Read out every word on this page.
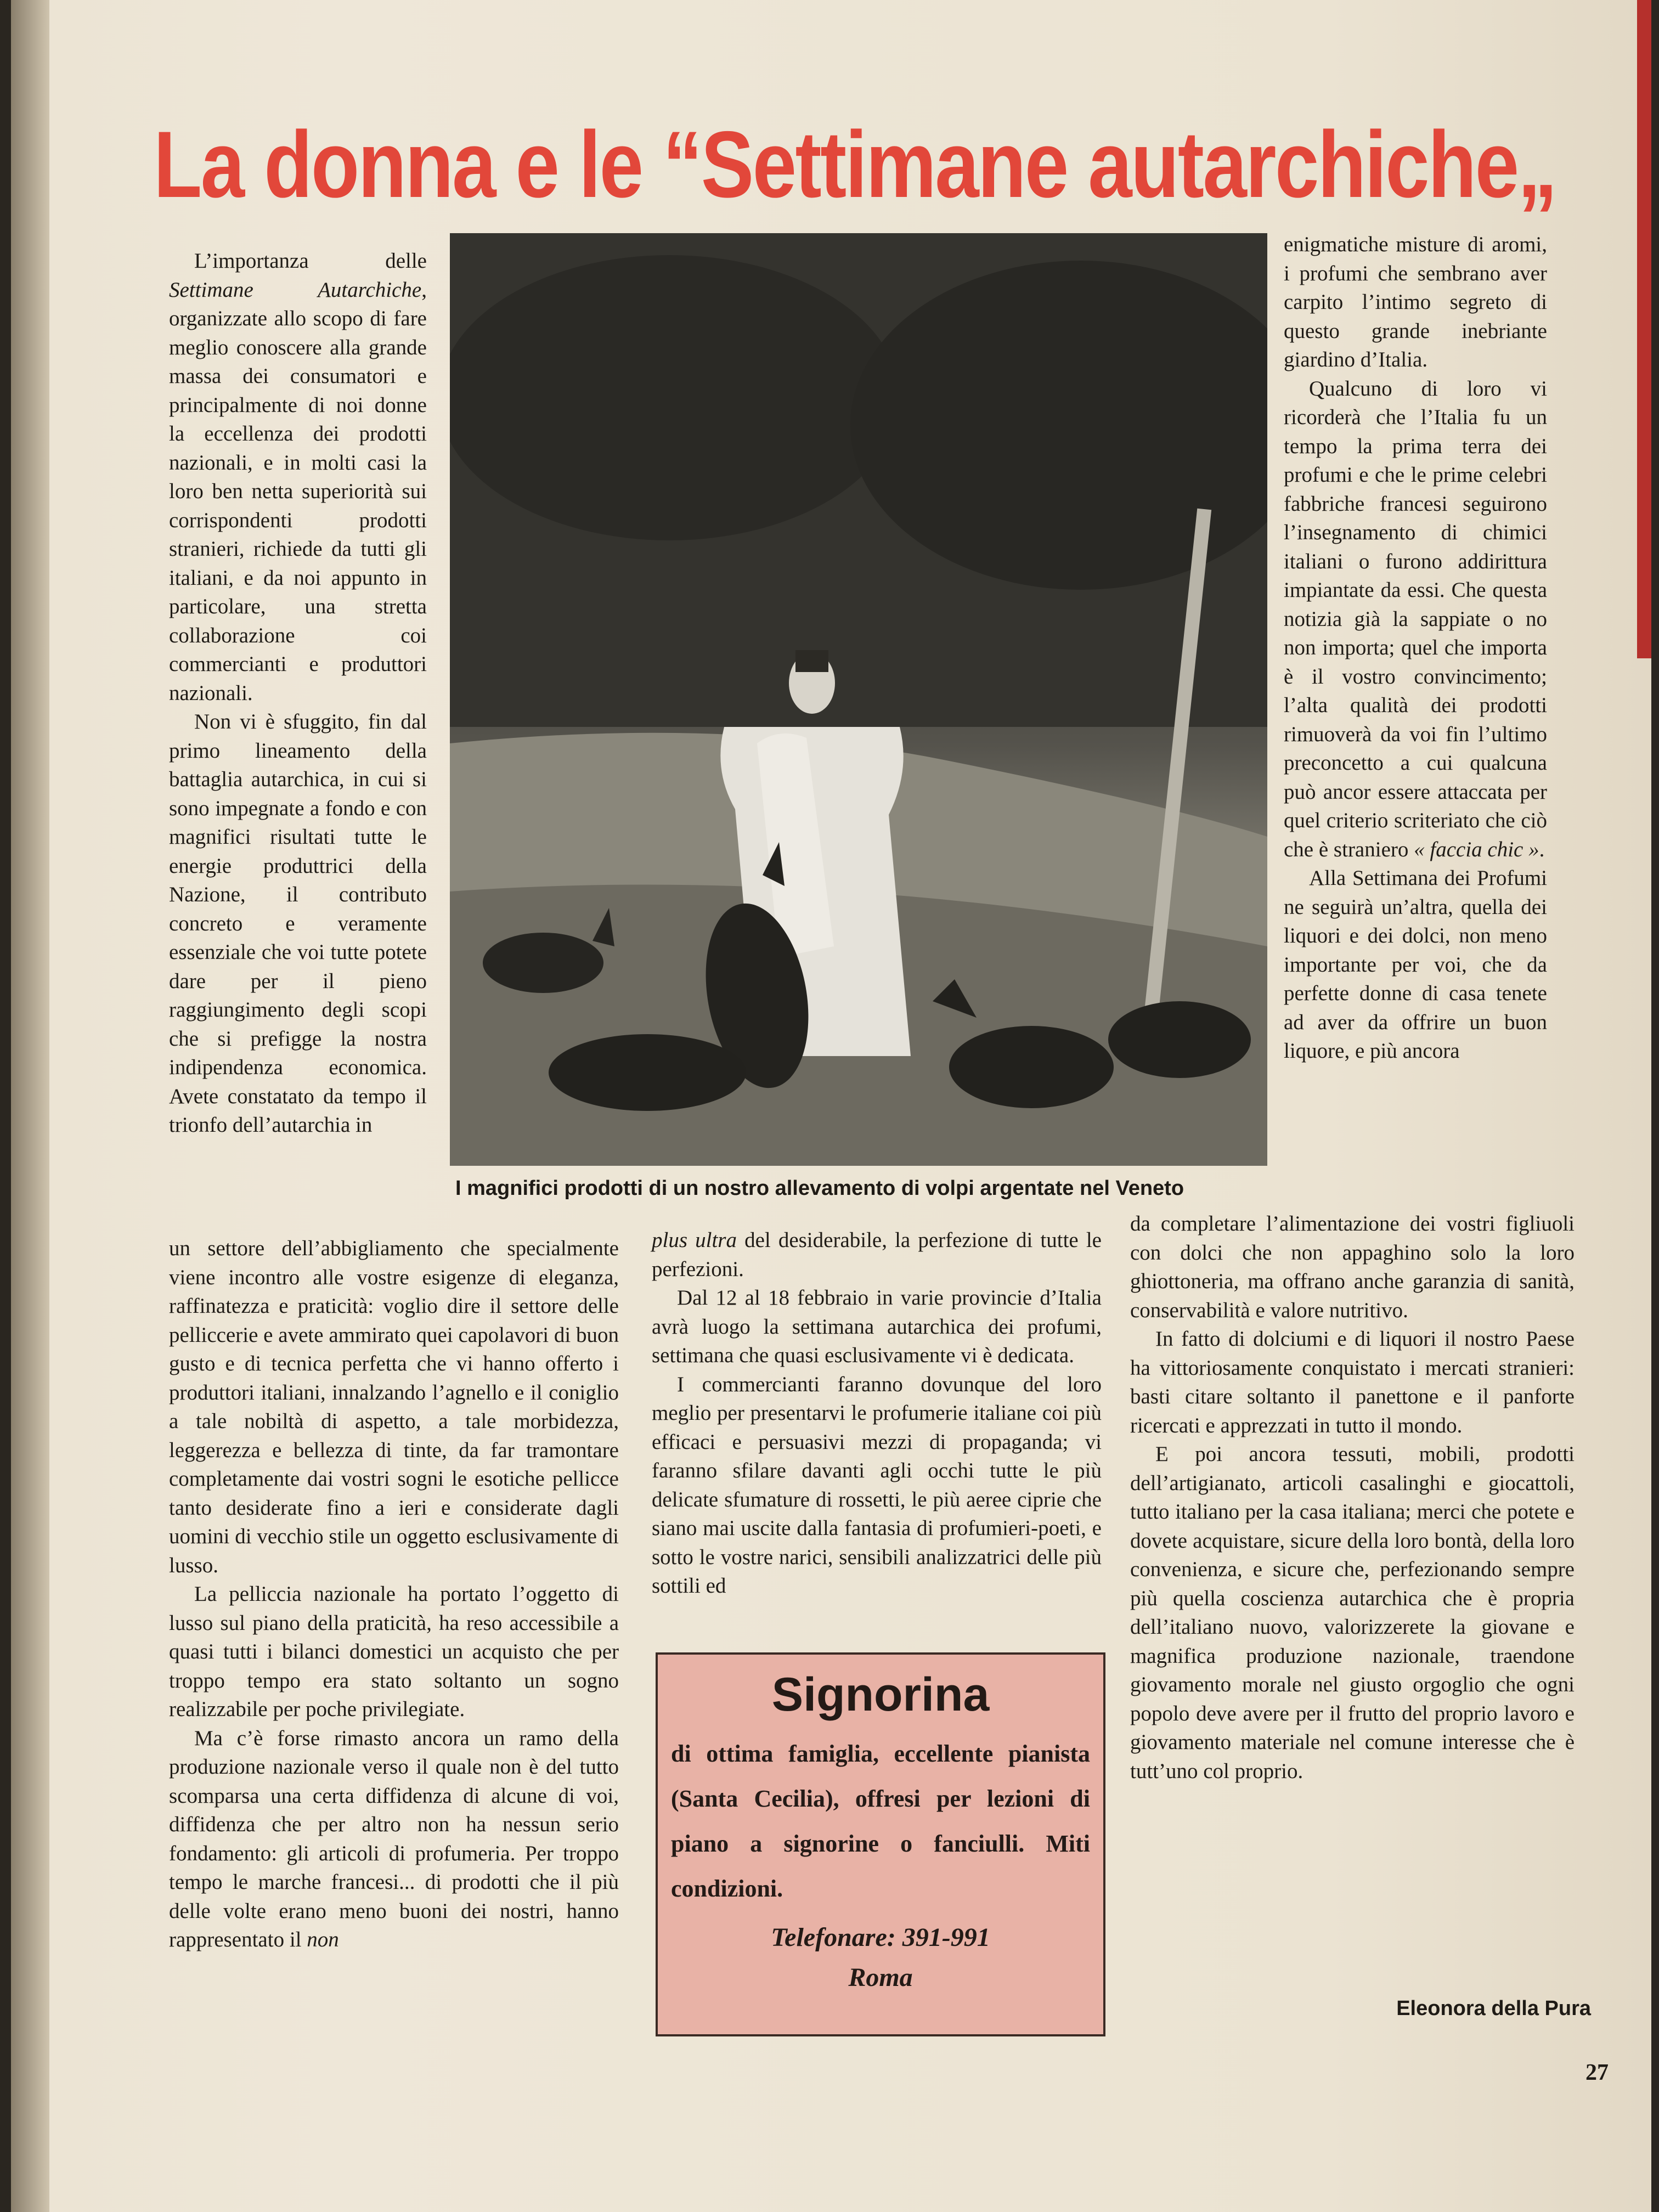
La donna e le “Settimane autarchiche„

L’importanza delle Settimane Autarchiche, organizzate allo scopo di fare meglio conoscere alla grande massa dei consumatori e principalmente di noi donne la eccellenza dei prodotti nazionali, e in molti casi la loro ben netta superiorità sui corrispondenti prodotti stranieri, richiede da tutti gli italiani, e da noi appunto in particolare, una stretta collaborazione coi commercianti e produttori nazionali.

Non vi è sfuggito, fin dal primo lineamento della battaglia autarchica, in cui si sono impegnate a fondo e con magnifici risultati tutte le energie produttrici della Nazione, il contributo concreto e veramente essenziale che voi tutte potete dare per il pieno raggiungimento degli scopi che si prefigge la nostra indipendenza economica. Avete constatato da tempo il trionfo dell’autarchia in

I magnifici prodotti di un nostro allevamento di volpi argentate nel Veneto

enigmatiche misture di aromi, i profumi che sembrano aver carpito l’intimo segreto di questo grande inebriante giardino d’Italia.

Qualcuno di loro vi ricorderà che l’Italia fu un tempo la prima terra dei profumi e che le prime celebri fabbriche francesi seguirono l’insegnamento di chimici italiani o furono addirittura impiantate da essi. Che questa notizia già la sappiate o no non importa; quel che importa è il vostro convincimento; l’alta qualità dei prodotti rimuoverà da voi fin l’ultimo preconcetto a cui qualcuna può ancor essere attaccata per quel criterio scriteriato che ciò che è straniero « faccia chic ».

Alla Settimana dei Profumi ne seguirà un’altra, quella dei liquori e dei dolci, non meno importante per voi, che da perfette donne di casa tenete ad aver da offrire un buon liquore, e più ancora

un settore dell’abbigliamento che specialmente viene incontro alle vostre esigenze di eleganza, raffinatezza e praticità: voglio dire il settore delle pelliccerie e avete ammirato quei capolavori di buon gusto e di tecnica perfetta che vi hanno offerto i produttori italiani, innalzando l’agnello e il coniglio a tale nobiltà di aspetto, a tale morbidezza, leggerezza e bellezza di tinte, da far tramontare completamente dai vostri sogni le esotiche pellicce tanto desiderate fino a ieri e considerate dagli uomini di vecchio stile un oggetto esclusivamente di lusso.

La pelliccia nazionale ha portato l’oggetto di lusso sul piano della praticità, ha reso accessibile a quasi tutti i bilanci domestici un acquisto che per troppo tempo era stato soltanto un sogno realizzabile per poche privilegiate.

Ma c’è forse rimasto ancora un ramo della produzione nazionale verso il quale non è del tutto scomparsa una certa diffidenza di alcune di voi, diffidenza che per altro non ha nessun serio fondamento: gli articoli di profumeria. Per troppo tempo le marche francesi... di prodotti che il più delle volte erano meno buoni dei nostri, hanno rappresentato il non

plus ultra del desiderabile, la perfezione di tutte le perfezioni.

Dal 12 al 18 febbraio in varie provincie d’Italia avrà luogo la settimana autarchica dei profumi, settimana che quasi esclusivamente vi è dedicata.

I commercianti faranno dovunque del loro meglio per presentarvi le profumerie italiane coi più efficaci e persuasivi mezzi di propaganda; vi faranno sfilare davanti agli occhi tutte le più delicate sfumature di rossetti, le più aeree ciprie che siano mai uscite dalla fantasia di profumieri-poeti, e sotto le vostre narici, sensibili analizzatrici delle più sottili ed

Signorina

di ottima famiglia, eccellente pianista (Santa Cecilia), offresi per lezioni di piano a signorine o fanciulli. Miti condizioni.

Telefonare: 391-991

Roma

da completare l’alimentazione dei vostri figliuoli con dolci che non appaghino solo la loro ghiottoneria, ma offrano anche garanzia di sanità, conservabilità e valore nutritivo.

In fatto di dolciumi e di liquori il nostro Paese ha vittoriosamente conquistato i mercati stranieri: basti citare soltanto il panettone e il panforte ricercati e apprezzati in tutto il mondo.

E poi ancora tessuti, mobili, prodotti dell’artigianato, articoli casalinghi e giocattoli, tutto italiano per la casa italiana; merci che potete e dovete acquistare, sicure della loro bontà, della loro convenienza, e sicure che, perfezionando sempre più quella coscienza autarchica che è propria dell’italiano nuovo, valorizzerete la giovane e magnifica produzione nazionale, traendone giovamento morale nel giusto orgoglio che ogni popolo deve avere per il frutto del proprio lavoro e giovamento materiale nel comune interesse che è tutt’uno col proprio.

Eleonora della Pura

27
